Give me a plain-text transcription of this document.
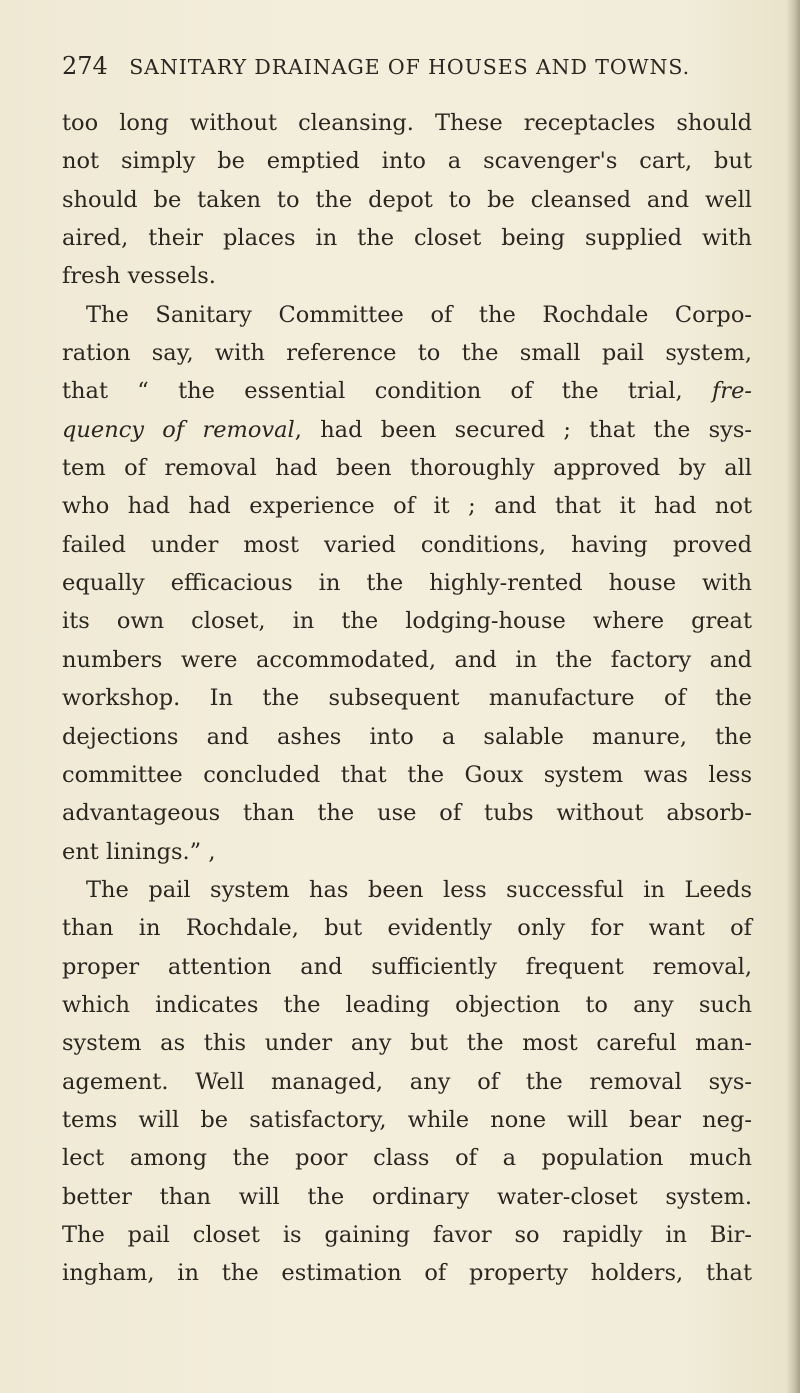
274 SANITARY DRAINAGE OF HOUSES AND TOWNS.
too long without cleansing. These receptacles should
not simply be emptied into a scavenger's cart, but
should be taken to the depot to be cleansed and well
aired, their places in the closet being supplied with
fresh vessels.
The Sanitary Committee of the Rochdale Corpo-
ration say, with reference to the small pail system,
that “ the essential condition of the trial, fre-
quency of removal, had been secured ; that the sys-
tem of removal had been thoroughly approved by all
who had had experience of it ; and that it had not
failed under most varied conditions, having proved
equally efficacious in the highly-rented house with
its own closet, in the lodging-house where great
numbers were accommodated, and in the factory and
workshop. In the subsequent manufacture of the
dejections and ashes into a salable manure, the
committee concluded that the Goux system was less
advantageous than the use of tubs without absorb-
ent linings.” ,
The pail system has been less successful in Leeds
than in Rochdale, but evidently only for want of
proper attention and sufficiently frequent removal,
which indicates the leading objection to any such
system as this under any but the most careful man-
agement. Well managed, any of the removal sys-
tems will be satisfactory, while none will bear neg-
lect among the poor class of a population much
better than will the ordinary water-closet system.
The pail closet is gaining favor so rapidly in Bir-
ingham, in the estimation of property holders, that
